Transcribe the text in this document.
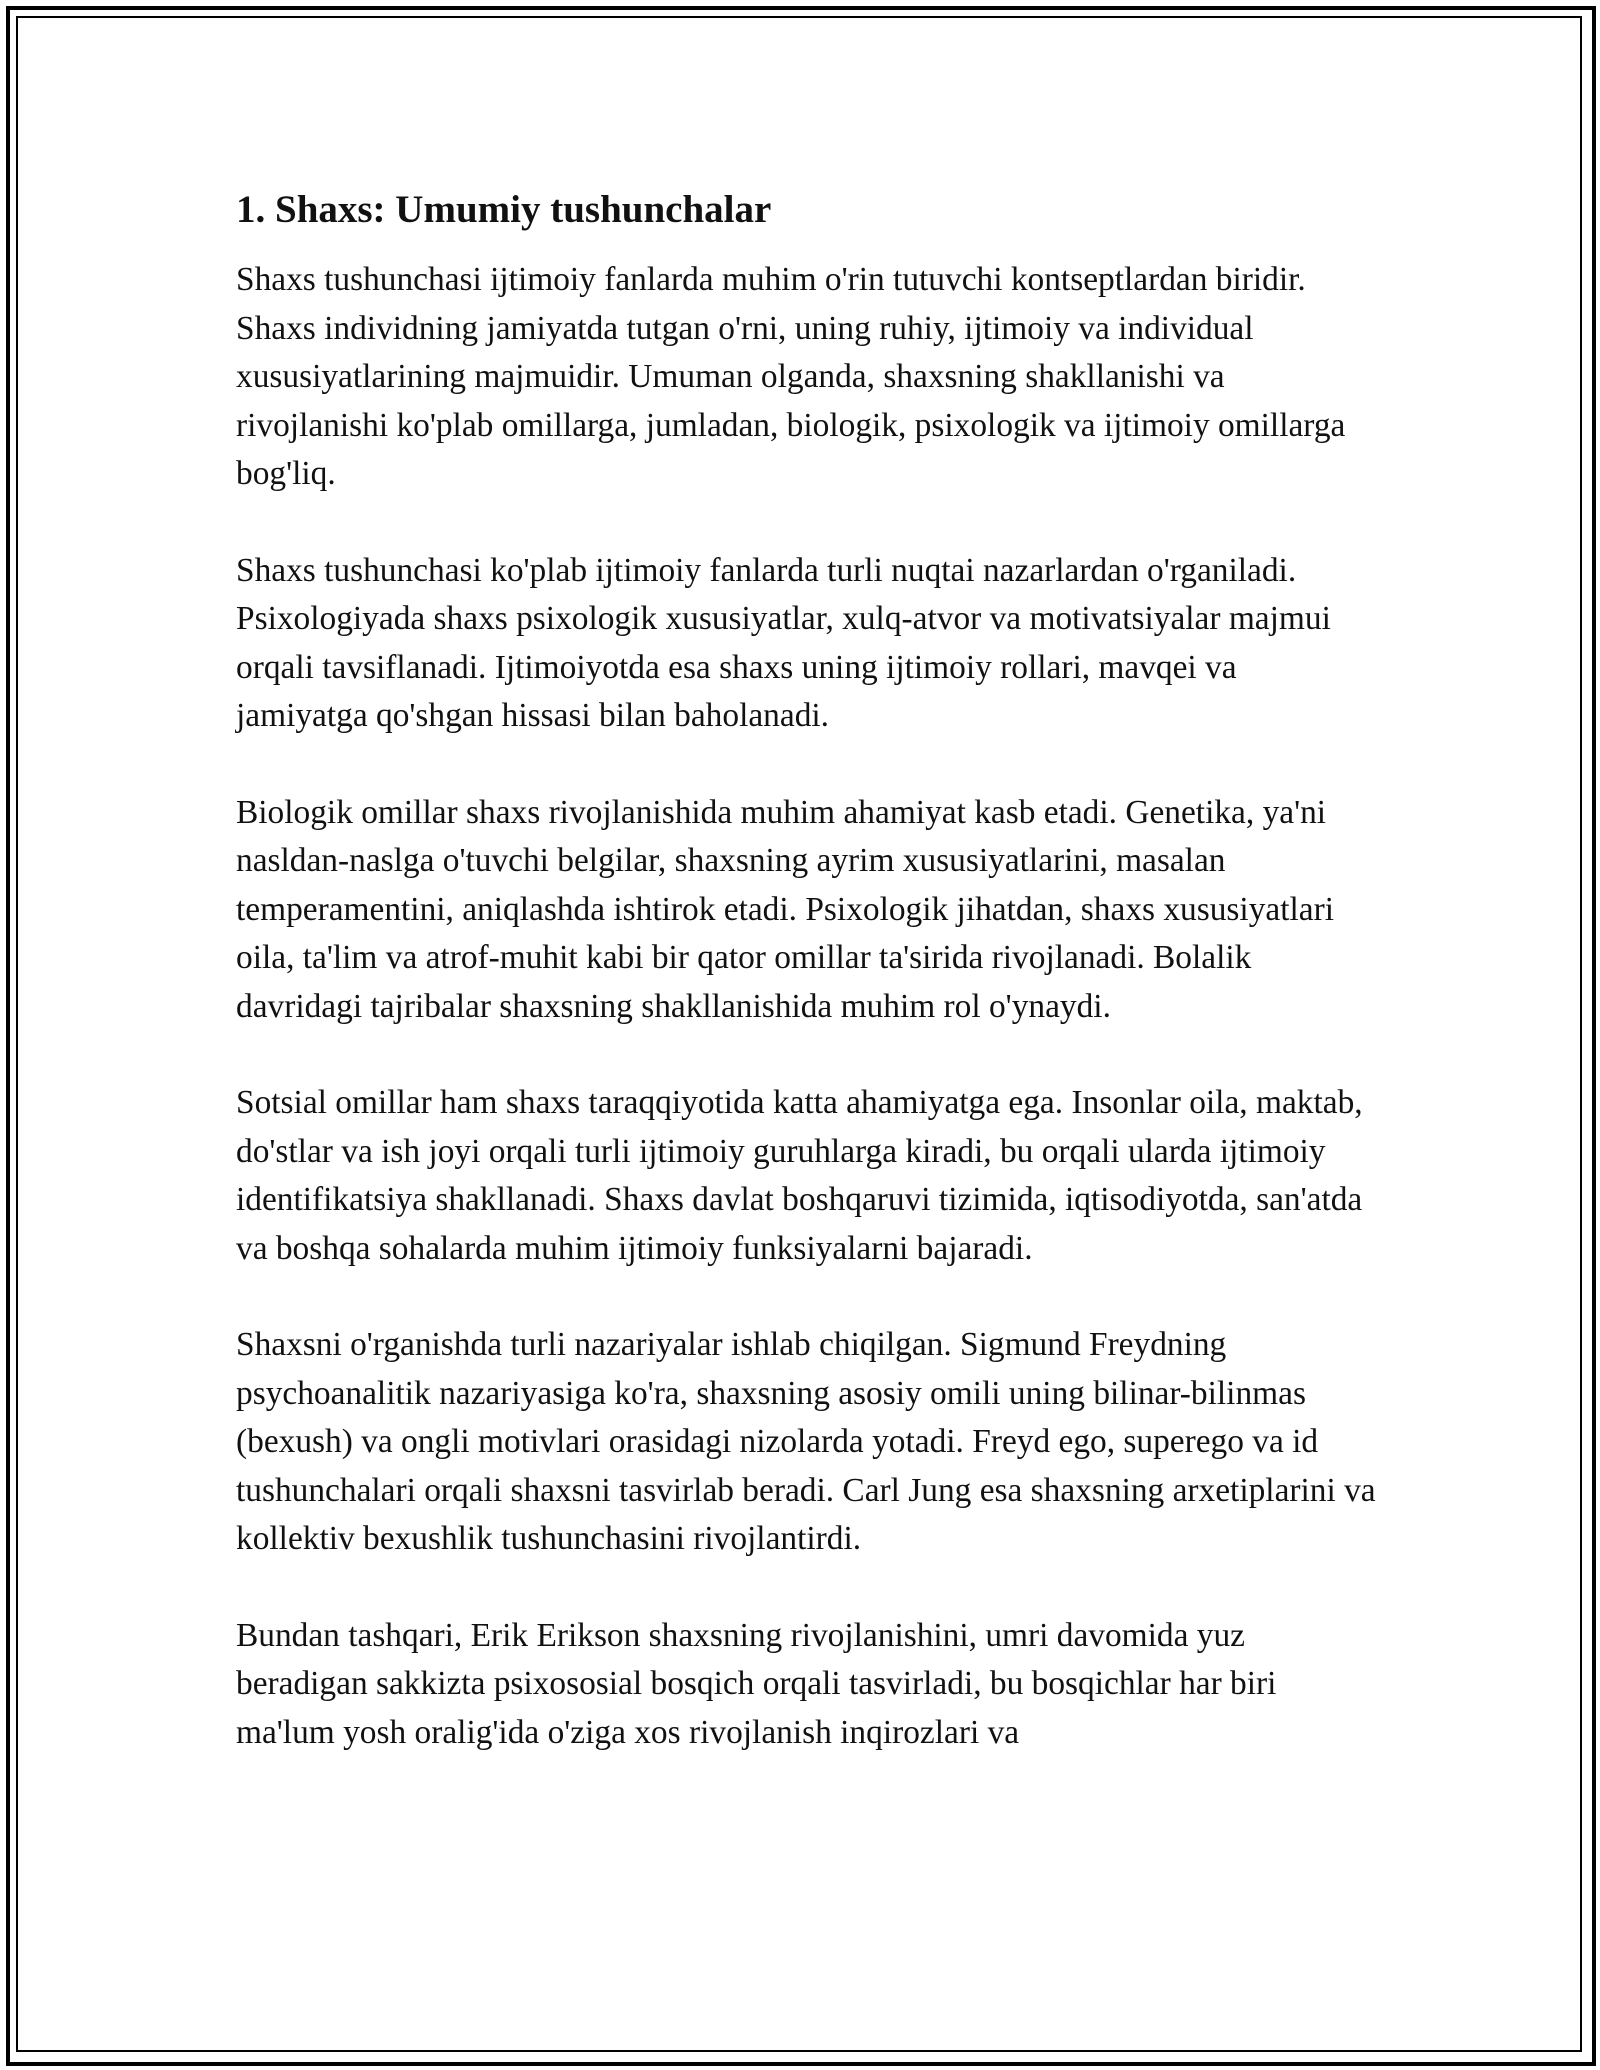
1. Shaxs: Umumiy tushunchalar

Shaxs tushunchasi ijtimoiy fanlarda muhim o'rin tutuvchi kontseptlardan biridir. Shaxs individning jamiyatda tutgan o'rni, uning ruhiy, ijtimoiy va individual xususiyatlarining majmuidir. Umuman olganda, shaxsning shakllanishi va rivojlanishi ko'plab omillarga, jumladan, biologik, psixologik va ijtimoiy omillarga bog'liq.

Shaxs tushunchasi ko'plab ijtimoiy fanlarda turli nuqtai nazarlardan o'rganiladi. Psixologiyada shaxs psixologik xususiyatlar, xulq-atvor va motivatsiyalar majmui orqali tavsiflanadi. Ijtimoiyotda esa shaxs uning ijtimoiy rollari, mavqei va jamiyatga qo'shgan hissasi bilan baholanadi.

Biologik omillar shaxs rivojlanishida muhim ahamiyat kasb etadi. Genetika, ya'ni nasldan-naslga o'tuvchi belgilar, shaxsning ayrim xususiyatlarini, masalan temperamentini, aniqlashda ishtirok etadi. Psixologik jihatdan, shaxs xususiyatlari oila, ta'lim va atrof-muhit kabi bir qator omillar ta'sirida rivojlanadi. Bolalik davridagi tajribalar shaxsning shakllanishida muhim rol o'ynaydi.

Sotsial omillar ham shaxs taraqqiyotida katta ahamiyatga ega. Insonlar oila, maktab, do'stlar va ish joyi orqali turli ijtimoiy guruhlarga kiradi, bu orqali ularda ijtimoiy identifikatsiya shakllanadi. Shaxs davlat boshqaruvi tizimida, iqtisodiyotda, san'atda va boshqa sohalarda muhim ijtimoiy funksiyalarni bajaradi.

Shaxsni o'rganishda turli nazariyalar ishlab chiqilgan. Sigmund Freydning psychoanalitik nazariyasiga ko'ra, shaxsning asosiy omili uning bilinar-bilinmas (bexush) va ongli motivlari orasidagi nizolarda yotadi. Freyd ego, superego va id tushunchalari orqali shaxsni tasvirlab beradi. Carl Jung esa shaxsning arxetiplarini va kollektiv bexushlik tushunchasini rivojlantirdi.

Bundan tashqari, Erik Erikson shaxsning rivojlanishini, umri davomida yuz beradigan sakkizta psixososial bosqich orqali tasvirladi, bu bosqichlar har biri ma'lum yosh oralig'ida o'ziga xos rivojlanish inqirozlari va
